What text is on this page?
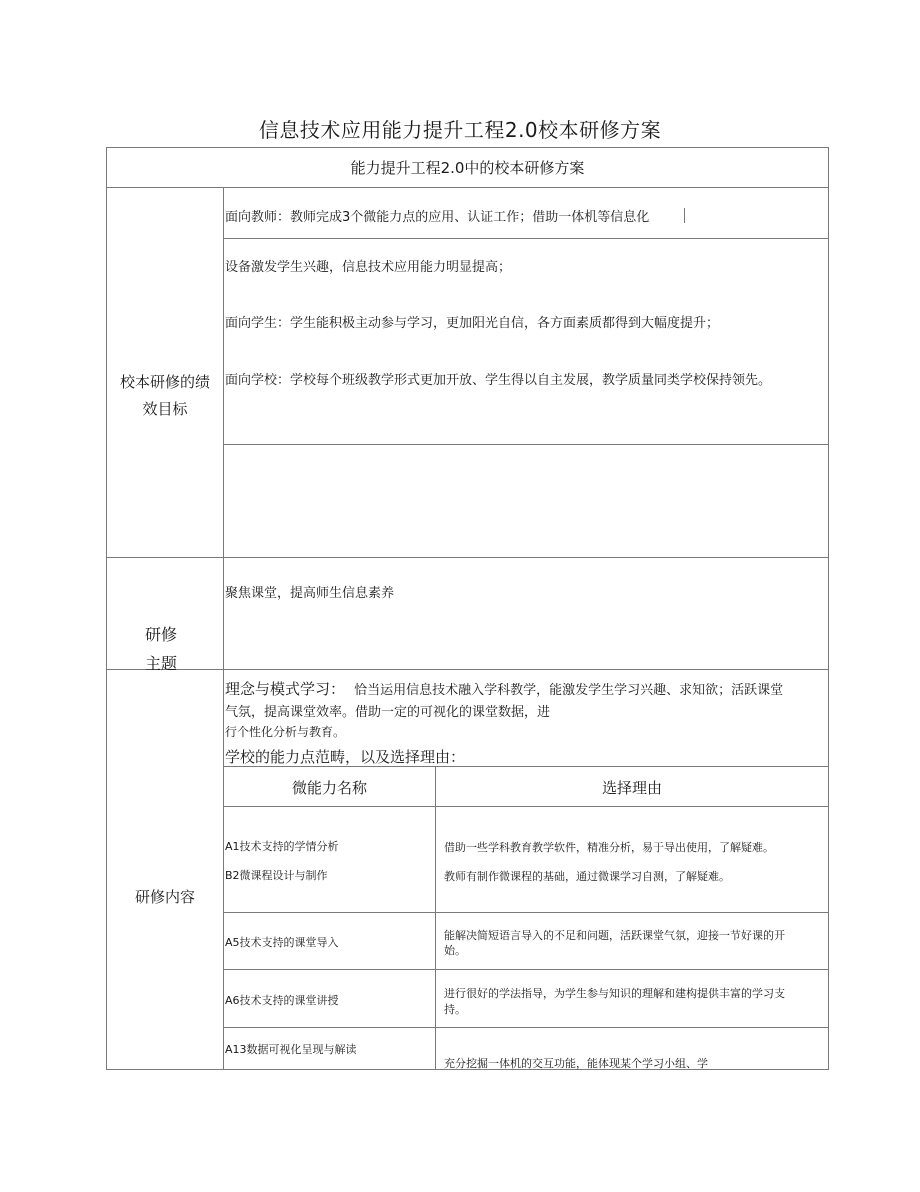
信息技术应用能力提升工程2.0校本研修方案
能力提升工程2.0中的校本研修方案
校本研修的绩
效目标
面向教师：教师完成3个微能力点的应用、认证工作；借助一体机等信息化
设备激发学生兴趣，信息技术应用能力明显提高；
面向学生：学生能积极主动参与学习，更加阳光自信，各方面素质都得到大幅度提升；
面向学校：学校每个班级教学形式更加开放、学生得以自主发展，教学质量同类学校保持领先。
研修
主题
聚焦课堂，提高师生信息素养
研修内容
理念与模式学习： 恰当运用信息技术融入学科教学，能激发学生学习兴趣、求知欲；活跃课堂
气氛，提高课堂效率。借助一定的可视化的课堂数据，进
行个性化分析与教育。
学校的能力点范畴，以及选择理由：
微能力名称	选择理由
A1技术支持的学情分析
B2微课程设计与制作
借助一些学科教育教学软件，精准分析，易于导出使用，了解疑难。
教师有制作微课程的基础，通过微课学习自测，了解疑难。
A5技术支持的课堂导入
能解决简短语言导入的不足和问题，活跃课堂气氛，迎接一节好课的开
始。
A6技术支持的课堂讲授
进行很好的学法指导，为学生参与知识的理解和建构提供丰富的学习支
持。
A13数据可视化呈现与解读
充分挖掘一体机的交互功能，能体现某个学习小组、学
